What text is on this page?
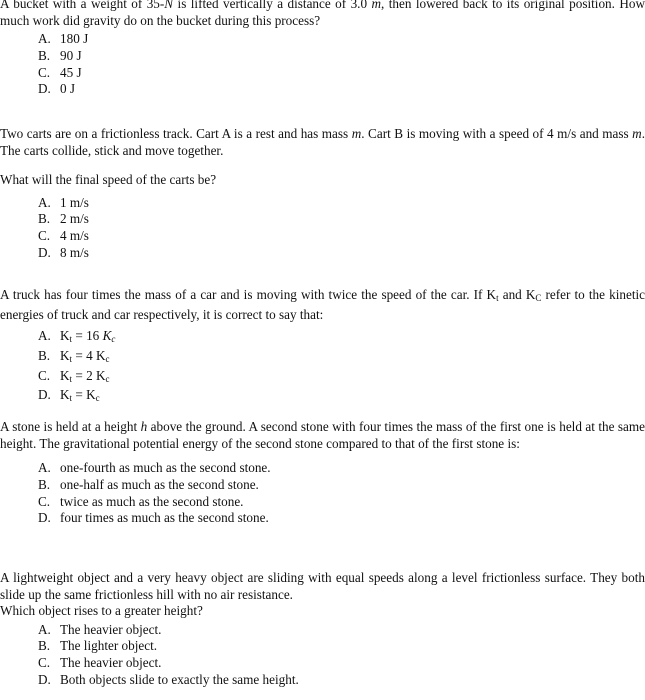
A bucket with a weight of 35-N is lifted vertically a distance of 3.0 m, then lowered back to its original position. How much work did gravity do on the bucket during this process?
A. 180 J
B. 90 J
C. 45 J
D. 0 J
Two carts are on a frictionless track. Cart A is a rest and has mass m. Cart B is moving with a speed of 4 m/s and mass m. The carts collide, stick and move together.
What will the final speed of the carts be?
A. 1 m/s
B. 2 m/s
C. 4 m/s
D. 8 m/s
A truck has four times the mass of a car and is moving with twice the speed of the car. If $K_t$ and $K_C$ refer to the kinetic energies of truck and car respectively, it is correct to say that:
A. $K_t = 16$ $K_c$
B. $K_t = 4$ $K_c$
C. $K_t = 2$ $K_c$
D. $K_t = K_c$
A stone is held at a height h above the ground. A second stone with four times the mass of the first one is held at the same height. The gravitational potential energy of the second stone compared to that of the first stone is:
A. one-fourth as much as the second stone.
B. one-half as much as the second stone.
C. twice as much as the second stone.
D. four times as much as the second stone.
A lightweight object and a very heavy object are sliding with equal speeds along a level frictionless surface. They both slide up the same frictionless hill with no air resistance.
Which object rises to a greater height?
A. The heavier object.
B. The lighter object.
C. The heavier object.
D. Both objects slide to exactly the same height.
